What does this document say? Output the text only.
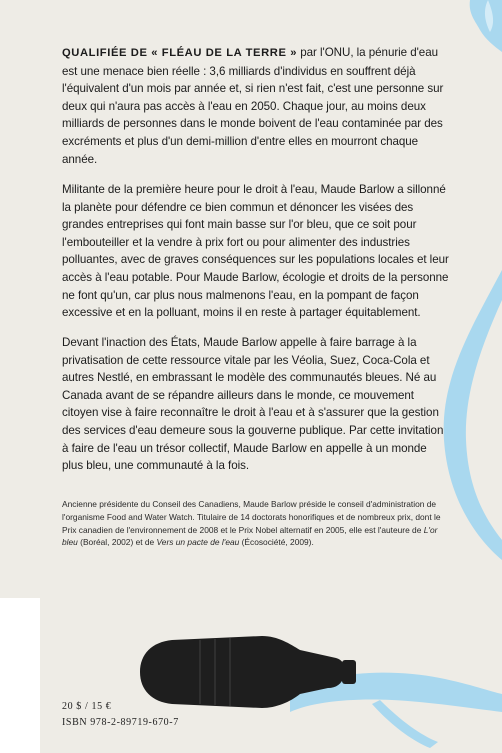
QUALIFIÉE DE « FLÉAU DE LA TERRE » par l'ONU, la pénurie d'eau est une menace bien réelle : 3,6 milliards d'individus en souffrent déjà l'équivalent d'un mois par année et, si rien n'est fait, c'est une personne sur deux qui n'aura pas accès à l'eau en 2050. Chaque jour, au moins deux milliards de personnes dans le monde boivent de l'eau contaminée par des excréments et plus d'un demi-million d'entre elles en mourront chaque année.
Militante de la première heure pour le droit à l'eau, Maude Barlow a sillonné la planète pour défendre ce bien commun et dénoncer les visées des grandes entreprises qui font main basse sur l'or bleu, que ce soit pour l'embouteiller et la vendre à prix fort ou pour alimenter des industries polluantes, avec de graves conséquences sur les populations locales et leur accès à l'eau potable. Pour Maude Barlow, écologie et droits de la personne ne font qu'un, car plus nous malmenons l'eau, en la pompant de façon excessive et en la polluant, moins il en reste à partager équitablement.
Devant l'inaction des États, Maude Barlow appelle à faire barrage à la privatisation de cette ressource vitale par les Véolia, Suez, Coca-Cola et autres Nestlé, en embrassant le modèle des communautés bleues. Né au Canada avant de se répandre ailleurs dans le monde, ce mouvement citoyen vise à faire reconnaître le droit à l'eau et à s'assurer que la gestion des services d'eau demeure sous la gouverne publique. Par cette invitation à faire de l'eau un trésor collectif, Maude Barlow en appelle à un monde plus bleu, une communauté à la fois.
Ancienne présidente du Conseil des Canadiens, Maude Barlow préside le conseil d'administration de l'organisme Food and Water Watch. Titulaire de 14 doctorats honorifiques et de nombreux prix, dont le Prix canadien de l'environnement de 2008 et le Prix Nobel alternatif en 2005, elle est l'auteure de L'or bleu (Boréal, 2002) et de Vers un pacte de l'eau (Écosociété, 2009).
20 $ / 15 €
ISBN 978-2-89719-670-7
